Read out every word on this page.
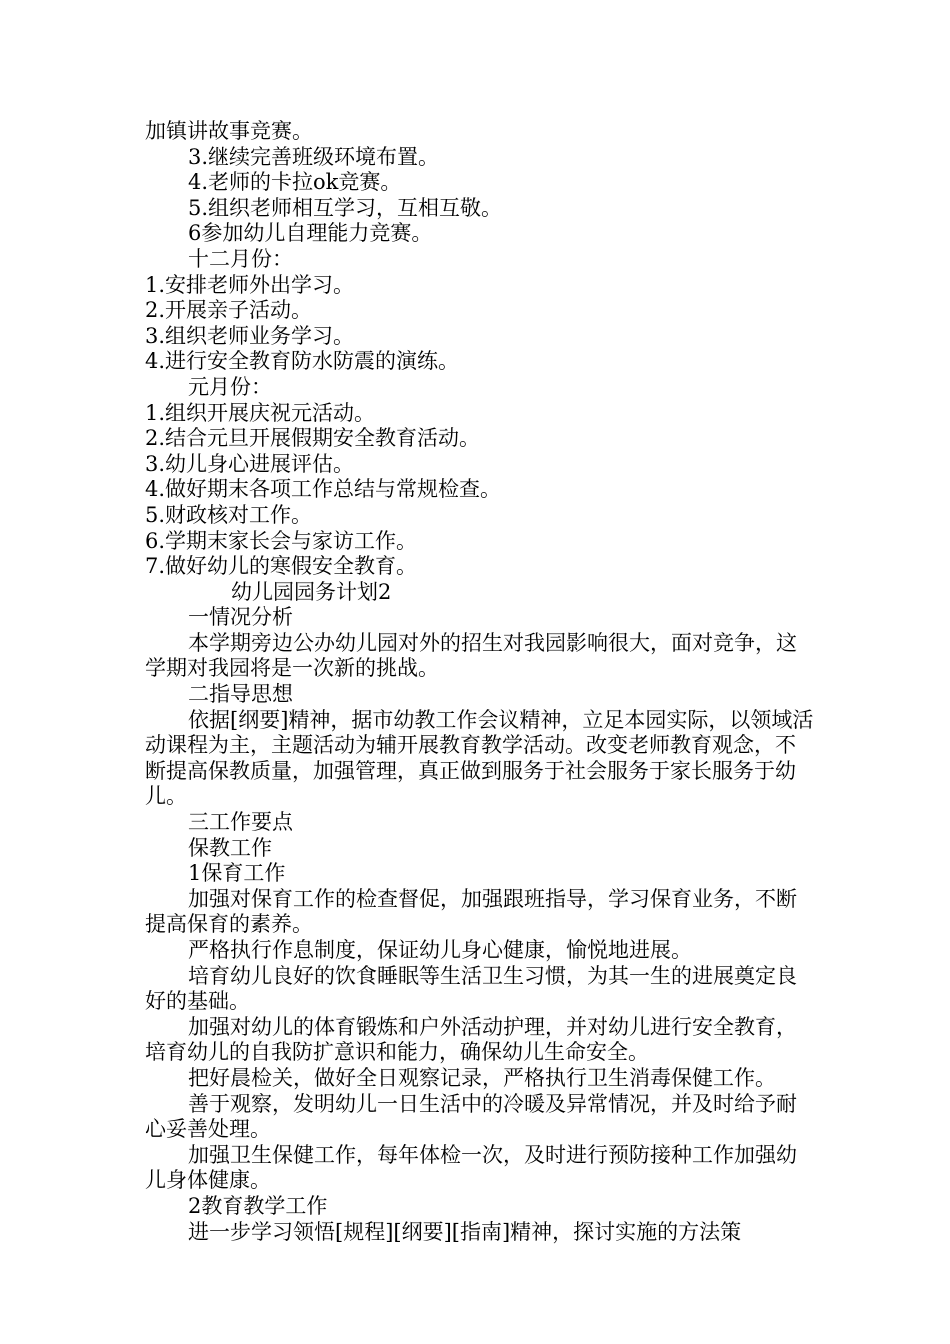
加镇讲故事竞赛。

3.继续完善班级环境布置。

4.老师的卡拉ok竞赛。

5.组织老师相互学习，互相互敬。

6参加幼儿自理能力竞赛。

十二月份：

1.安排老师外出学习。

2.开展亲子活动。

3.组织老师业务学习。

4.进行安全教育防水防震的演练。

元月份：

1.组织开展庆祝元活动。

2.结合元旦开展假期安全教育活动。

3.幼儿身心进展评估。

4.做好期末各项工作总结与常规检查。

5.财政核对工作。

6.学期末家长会与家访工作。

7.做好幼儿的寒假安全教育。

幼儿园园务计划2

一情况分析

本学期旁边公办幼儿园对外的招生对我园影响很大，面对竞争，这学期对我园将是一次新的挑战。

二指导思想

依据[纲要]精神，据市幼教工作会议精神，立足本园实际，以领域活动课程为主，主题活动为辅开展教育教学活动。改变老师教育观念，不断提高保教质量，加强管理，真正做到服务于社会服务于家长服务于幼儿。

三工作要点

保教工作

1保育工作

加强对保育工作的检查督促，加强跟班指导，学习保育业务，不断提高保育的素养。

严格执行作息制度，保证幼儿身心健康，愉悦地进展。

培育幼儿良好的饮食睡眠等生活卫生习惯，为其一生的进展奠定良好的基础。

加强对幼儿的体育锻炼和户外活动护理，并对幼儿进行安全教育，培育幼儿的自我防扩意识和能力，确保幼儿生命安全。

把好晨检关，做好全日观察记录，严格执行卫生消毒保健工作。

善于观察，发明幼儿一日生活中的冷暖及异常情况，并及时给予耐心妥善处理。

加强卫生保健工作，每年体检一次，及时进行预防接种工作加强幼儿身体健康。

2教育教学工作

进一步学习领悟[规程][纲要][指南]精神，探讨实施的方法策
